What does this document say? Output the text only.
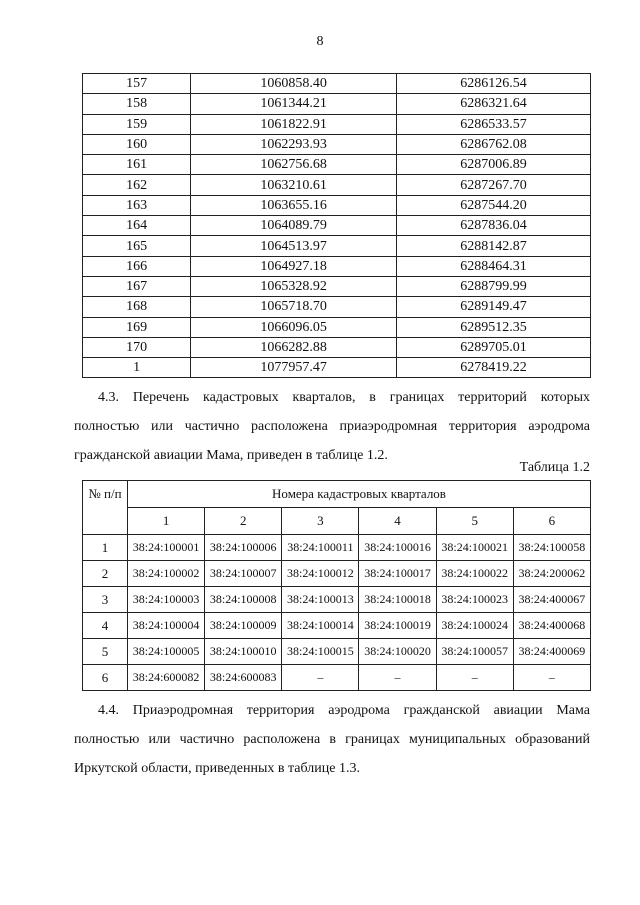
8
157	1060858.40	6286126.54
158	1061344.21	6286321.64
159	1061822.91	6286533.57
160	1062293.93	6286762.08
161	1062756.68	6287006.89
162	1063210.61	6287267.70
163	1063655.16	6287544.20
164	1064089.79	6287836.04
165	1064513.97	6288142.87
166	1064927.18	6288464.31
167	1065328.92	6288799.99
168	1065718.70	6289149.47
169	1066096.05	6289512.35
170	1066282.88	6289705.01
1	1077957.47	6278419.22
4.3. Перечень кадастровых кварталов, в границах территорий которых
полностью или частично расположена приаэродромная территория аэродрома
гражданской авиации Мама, приведен в таблице 1.2.
Таблица 1.2
№ п/п	Номера кадастровых кварталов					
	1	2	3	4	5	6
1	38:24:100001	38:24:100006	38:24:100011	38:24:100016	38:24:100021	38:24:100058
2	38:24:100002	38:24:100007	38:24:100012	38:24:100017	38:24:100022	38:24:200062
3	38:24:100003	38:24:100008	38:24:100013	38:24:100018	38:24:100023	38:24:400067
4	38:24:100004	38:24:100009	38:24:100014	38:24:100019	38:24:100024	38:24:400068
5	38:24:100005	38:24:100010	38:24:100015	38:24:100020	38:24:100057	38:24:400069
6	38:24:600082	38:24:600083	–	–	–	–
4.4. Приаэродромная территория аэродрома гражданской авиации Мама
полностью или частично расположена в границах муниципальных образований
Иркутской области, приведенных в таблице 1.3.
